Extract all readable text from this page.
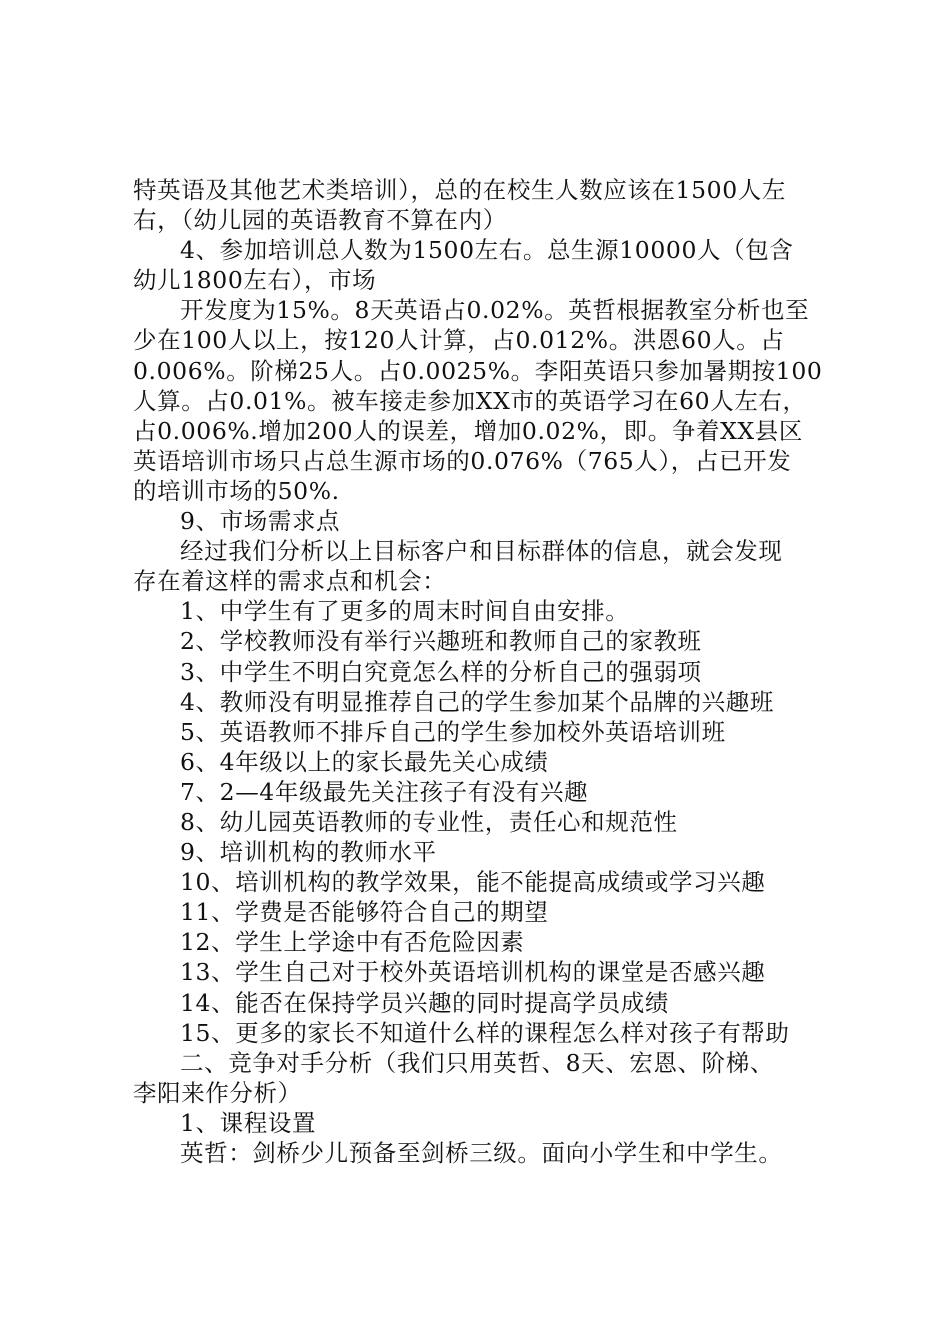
特英语及其他艺术类培训），总的在校生人数应该在1500人左
右，（幼儿园的英语教育不算在内）
4、参加培训总人数为1500左右。总生源10000人（包含
幼儿1800左右），市场
开发度为15%。8天英语占0.02%。英哲根据教室分析也至
少在100人以上，按120人计算，占0.012%。洪恩60人。占
0.006%。阶梯25人。占0.0025%。李阳英语只参加暑期按100
人算。占0.01%。被车接走参加XX市的英语学习在60人左右，
占0.006%.增加200人的误差，增加0.02%，即。争着XX县区
英语培训市场只占总生源市场的0.076%（765人），占已开发
的培训市场的50%.
9、市场需求点
经过我们分析以上目标客户和目标群体的信息，就会发现
存在着这样的需求点和机会：
1、中学生有了更多的周末时间自由安排。
2、学校教师没有举行兴趣班和教师自己的家教班
3、中学生不明白究竟怎么样的分析自己的强弱项
4、教师没有明显推荐自己的学生参加某个品牌的兴趣班
5、英语教师不排斥自己的学生参加校外英语培训班
6、4年级以上的家长最先关心成绩
7、2—4年级最先关注孩子有没有兴趣
8、幼儿园英语教师的专业性，责任心和规范性
9、培训机构的教师水平
10、培训机构的教学效果，能不能提高成绩或学习兴趣
11、学费是否能够符合自己的期望
12、学生上学途中有否危险因素
13、学生自己对于校外英语培训机构的课堂是否感兴趣
14、能否在保持学员兴趣的同时提高学员成绩
15、更多的家长不知道什么样的课程怎么样对孩子有帮助
二、竞争对手分析（我们只用英哲、8天、宏恩、阶梯、
李阳来作分析）
1、课程设置
英哲：剑桥少儿预备至剑桥三级。面向小学生和中学生。
